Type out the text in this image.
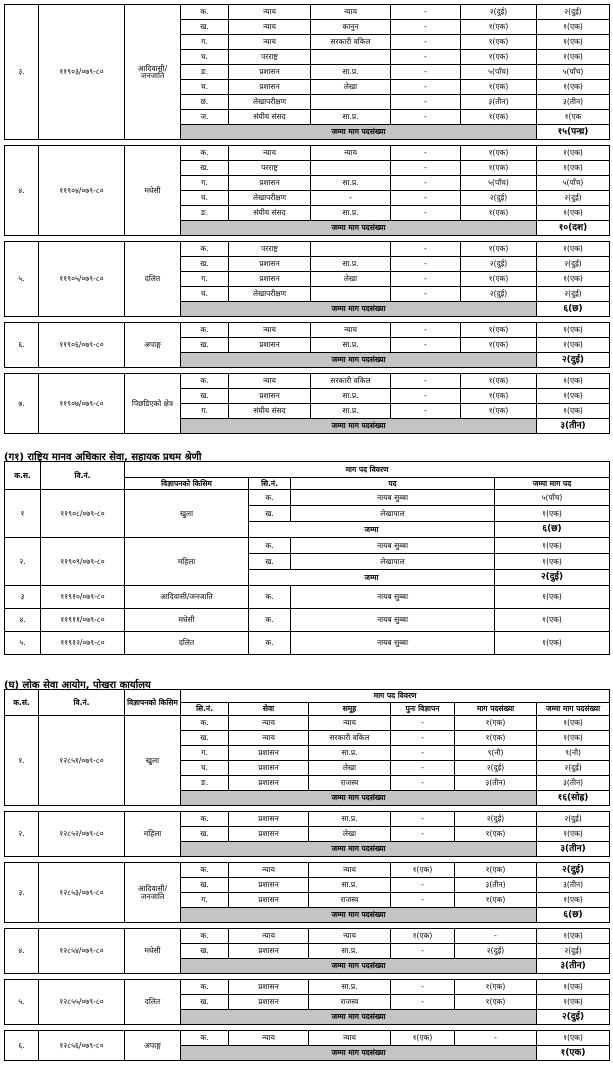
३.	११९०३/०७९-८०	आदिवासी/जनजाति	क.	न्याय	न्याय	-	२(दुई)	२(दुई)
			ख.	न्याय	कानुन	-	१(एक)	१(एक)
			ग.	न्याय	सरकारी वकिल	-	१(एक)	१(एक)
			घ.	परराष्ट्र		-	१(एक)	१(एक)
			ङ.	प्रशासन	सा.प्र.	-	५(पाँच)	५(पाँच)
			च.	प्रशासन	लेखा	-	१(एक)	१(एक)
			छ.	लेखापरीक्षण		-	३(तीन)	३(तीन)
			ज.	संघीय संसद	सा.प्र.	-	१(एक)	१(एक
			जम्मा माग पदसंख्या					१५(पन्ध्र)

४.	११९०४/०७९-८०	मधेसी	क.	न्याय	न्याय	-	१(एक)	१(एक)
			ख.	परराष्ट्र		-	१(एक)	१(एक)
			ग.	प्रशासन	सा.प्र.	-	५(पाँच)	५(पाँच)
			घ.	लेखापरीक्षण	-	-	२(दुई)	२(दुई)
			ङ.	संघीय संसद	सा.प्र.	-	१(एक)	१(एक)
			जम्मा माग पदसंख्या					१०(दश)

५.	११९०५/०७९-८०	दलित	क.	परराष्ट्र		-	१(एक)	१(एक)
			ख.	प्रशासन	सा.प्र.	-	२(दुई)	२(दुई)
			ग.	प्रशासन	लेखा	-	१(एक)	१(एक)
			घ.	लेखापरीक्षण		-	२(दुई)	२(दुई)
			जम्मा माग पदसंख्या					६(छ)

६.	११९०६/०७९-८०	अपाङ्ग	क.	न्याय	न्याय	-	१(एक)	१(एक)
			ख.	प्रशासन	सा.प्र.	-	१(एक)	१(एक)
			जम्मा माग पदसंख्या					२(दुई)

७.	११९०७/०७९-८०	पिछडिएको क्षेत्र	क.	न्याय	सरकारी वकिल	-	१(एक)	१(एक)
			ख.	प्रशासन	सा.प्र.	-	१(एक)	१(एक)
			ग.	संघीय संसद	सा.प्र.	-	१(एक)	१(एक)
			जम्मा माग पदसंख्या					३(तीन)
(ग१) राष्ट्रिय मानव अधिकार सेवा, सहायक प्रथम श्रेणी
क.स.	वि.नं.	माग पद विवरण			
		विज्ञापनको किसिम	सि.नं.	पद	जम्मा माग पद
१	११९०८/०७९-८०	खुला	क.	नायब सुब्बा	५(पाँच)
			ख.	लेखापाल	१(एक)
			जम्मा		६(छ)
२.	११९०९/०७९-८०	महिला	क.	नायब सुब्बा	१(एक)
			ख.	लेखापाल	१(एक)
			जम्मा		२(दुई)
३	११९१०/०७९-८०	आदिवासी/जनजाति	क.	नायब सुब्बा	१(एक)
४.	११९११/०७९-८०	मधेसी	क.	नायब सुब्बा	१(एक)
५.	११९१२/०७९-८०	दलित	क.	नायब सुब्बा	१(एक)
(घ) लोक सेवा आयोग, पोखरा कार्यालय
क.सं.	वि.नं.	विज्ञापनको किसिम	माग पद विवरण					
			सि.नं.	सेवा	समूह	पुनः विज्ञापन	माग पदसंख्या	जम्मा माग पदसंख्या
१.	१२८५१/०७९-८०	खुला	क.	न्याय	न्याय	-	१(एक)	१(एक)
			ख.	न्याय	सरकारी वकिल	-	१(एक)	१(एक)
			ग.	प्रशासन	सा.प्र.	-	९(नौ)	९(नौ)
			घ.	प्रशासन	लेखा	-	२(दुई)	२(दुई)
			ङ.	प्रशासन	राजस्व	-	३(तीन)	३(तीन)
			जम्मा माग पदसंख्या					१६(सोह्र)

२.	१२८५२/०७९-८०	महिला	क.	प्रशासन	सा.प्र.	-	२(दुई)	२(दुई)
			ख.	प्रशासन	लेखा	-	१(एक)	१(एक)
			जम्मा माग पदसंख्या					३(तीन)

३.	१२८५३/०७९-८०	आदिवासी/जनजाति	क.	न्याय	न्याय	१(एक)	१(एक)	२(दुई)
			ख.	प्रशासन	सा.प्र.	-	३(तीन)	३(तीन)
			ग.	प्रशासन	राजस्व	-	१(एक)	१(एक)
			जम्मा माग पदसंख्या					६(छ)

४.	१२८५४/०७९-८०	मधेसी	क.	न्याय	न्याय	१(एक)	-	१(एक)
			ख.	प्रशासन	सा.प्र.	-	२(दुई)	२(दुई)
			जम्मा माग पदसंख्या					३(तीन)

५.	१२८५५/०७९-८०	दलित	क.	प्रशासन	सा.प्र.	-	१(एक)	१(एक)
			ख.	प्रशासन	राजस्व	-	१(एक)	१(एक)
			जम्मा माग पदसंख्या					२(दुई)

६.	१२८५६/०७९-८०	अपाङ्ग	क.	न्याय	न्याय	१(एक)	-	१(एक)
			जम्मा माग पदसंख्या					१(एक)
